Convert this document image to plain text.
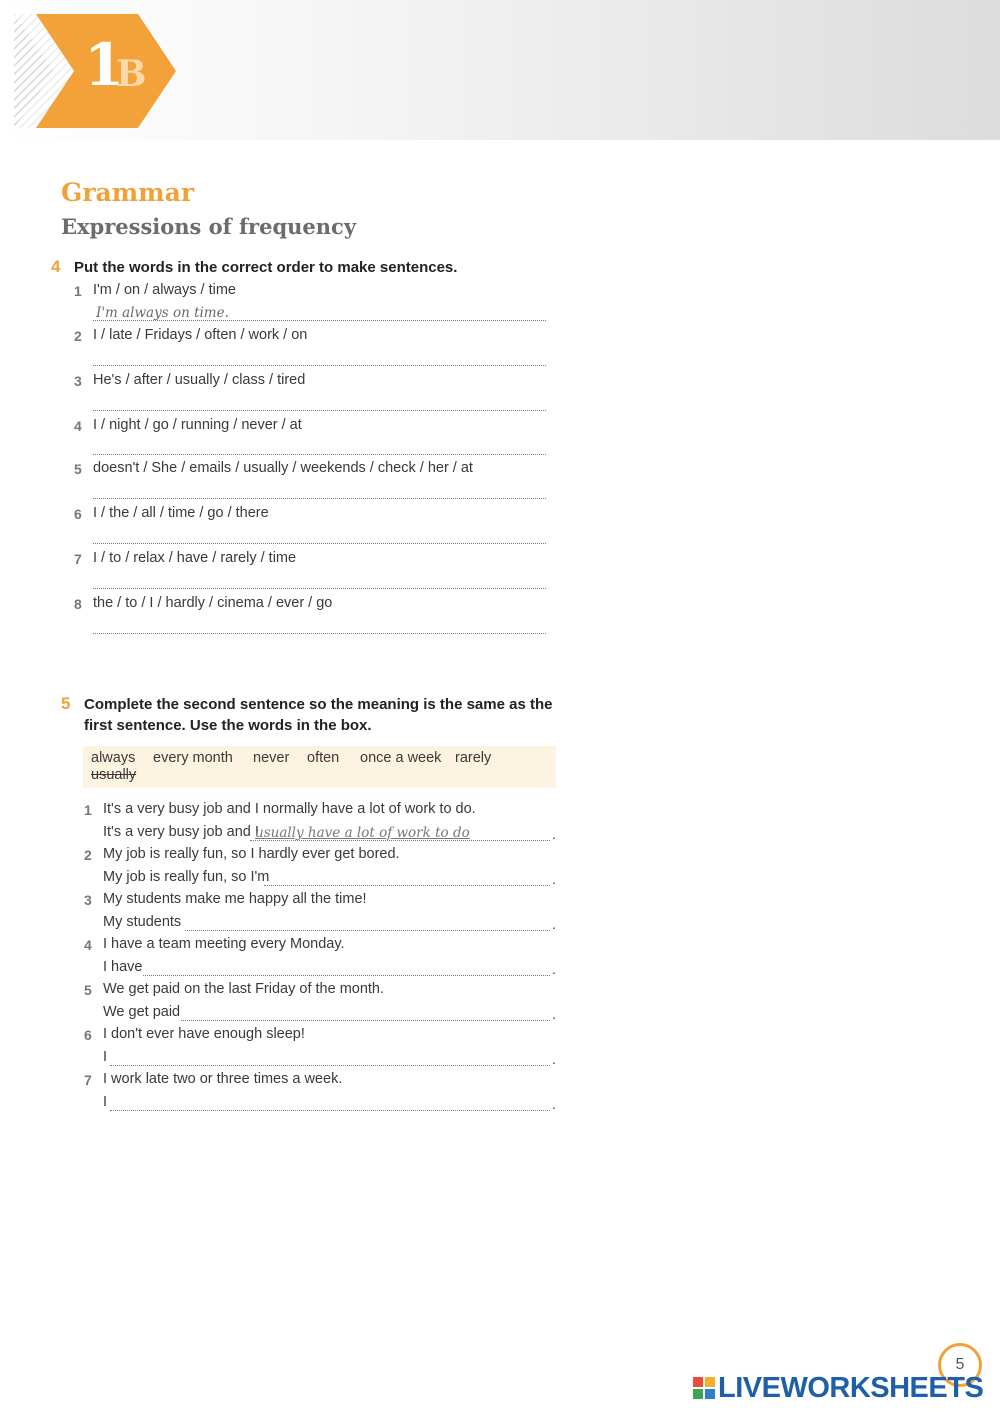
1
B
Grammar
Expressions of frequency
4 Put the words in the correct order to make sentences.
1 I'm / on / always / time
I'm always on time.
2 I / late / Fridays / often / work / on
3 He's / after / usually / class / tired
4 I / night / go / running / never / at
5 doesn't / She / emails / usually / weekends / check / her / at
6 I / the / all / time / go / there
7 I / to / relax / have / rarely / time
8 the / to / I / hardly / cinema / ever / go
5 Complete the second sentence so the meaning is the same as the
first sentence. Use the words in the box.
always every month never often once a week rarely
usually
1 It's a very busy job and I normally have a lot of work to do.
It's a very busy job and I
usually have a lot of work to do	.
2 My job is really fun, so I hardly ever get bored.
My job is really fun, so I'm	.
3 My students make me happy all the time!
My students	.
4 I have a team meeting every Monday.
I have	.
5 We get paid on the last Friday of the month.
We get paid	.
6 I don't ever have enough sleep!
I	.
7 I work late two or three times a week.
I	.
5
LIVEWORKSHEETS
